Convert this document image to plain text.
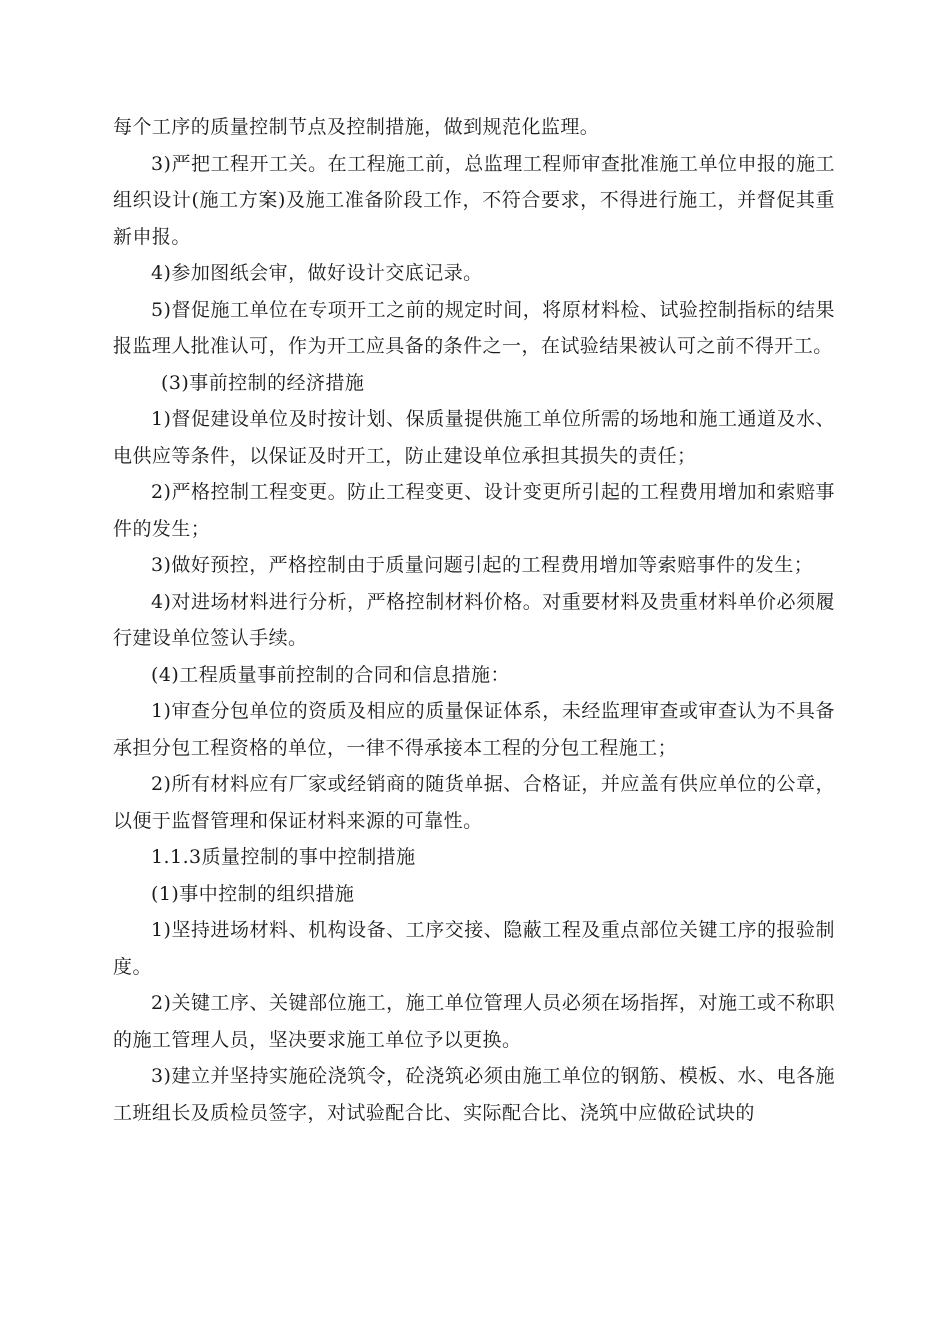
每个工序的质量控制节点及控制措施，做到规范化监理。

3)严把工程开工关。在工程施工前，总监理工程师审查批准施工单位申报的施工组织设计(施工方案)及施工准备阶段工作，不符合要求，不得进行施工，并督促其重新申报。

4)参加图纸会审，做好设计交底记录。

5)督促施工单位在专项开工之前的规定时间，将原材料检、试验控制指标的结果报监理人批准认可，作为开工应具备的条件之一，在试验结果被认可之前不得开工。

(3)事前控制的经济措施

1)督促建设单位及时按计划、保质量提供施工单位所需的场地和施工通道及水、电供应等条件，以保证及时开工，防止建设单位承担其损失的责任；

2)严格控制工程变更。防止工程变更、设计变更所引起的工程费用增加和索赔事件的发生；

3)做好预控，严格控制由于质量问题引起的工程费用增加等索赔事件的发生；

4)对进场材料进行分析，严格控制材料价格。对重要材料及贵重材料单价必须履行建设单位签认手续。

(4)工程质量事前控制的合同和信息措施：

1)审查分包单位的资质及相应的质量保证体系，未经监理审查或审查认为不具备承担分包工程资格的单位，一律不得承接本工程的分包工程施工；

2)所有材料应有厂家或经销商的随货单据、合格证，并应盖有供应单位的公章，以便于监督管理和保证材料来源的可靠性。

1.1.3质量控制的事中控制措施

(1)事中控制的组织措施

1)坚持进场材料、机构设备、工序交接、隐蔽工程及重点部位关键工序的报验制度。

2)关键工序、关键部位施工，施工单位管理人员必须在场指挥，对施工或不称职的施工管理人员，坚决要求施工单位予以更换。

3)建立并坚持实施砼浇筑令，砼浇筑必须由施工单位的钢筋、模板、水、电各施工班组长及质检员签字，对试验配合比、实际配合比、浇筑中应做砼试块的
